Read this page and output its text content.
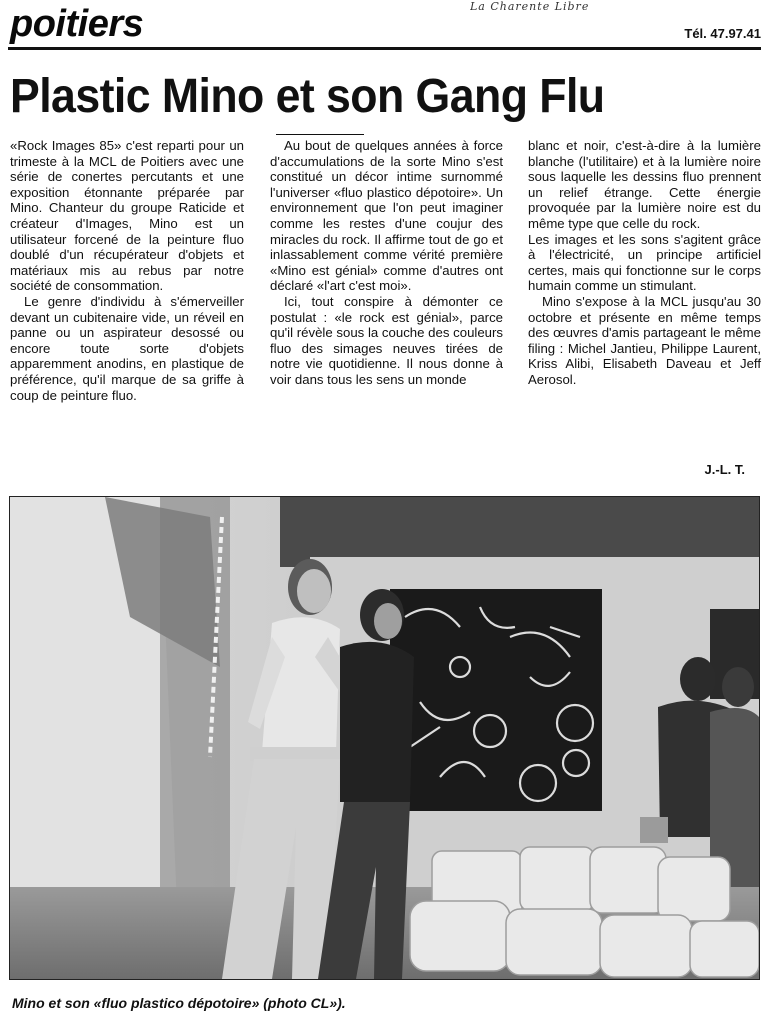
La Charente Libre
poitiers	Tél. 47.97.41
Plastic Mino et son Gang Flu

«Rock Images 85» c'est reparti pour un trimeste à la MCL de Poitiers avec une série de conertes percutants et une exposition étonnante préparée par Mino. Chanteur du groupe Raticide et créateur d'Images, Mino est un utilisateur forcené de la peinture fluo doublé d'un récupérateur d'objets et matériaux mis au rebus par notre société de consommation.

Le genre d'individu à s'émerveiller devant un cubitenaire vide, un réveil en panne ou un aspirateur desossé ou encore toute sorte d'objets apparemment anodins, en plastique de préférence, qu'il marque de sa griffe à coup de peinture fluo.

Au bout de quelques années à force d'accumulations de la sorte Mino s'est constitué un décor intime surnommé l'universer «fluo plastico dépotoire». Un environnement que l'on peut imaginer comme les restes d'une coujur des miracles du rock. Il affirme tout de go et inlassablement comme vérité première «Mino est génial» comme d'autres ont déclaré «l'art c'est moi».

Ici, tout conspire à démonter ce postulat : «le rock est génial», parce qu'il révèle sous la couche des couleurs fluo des simages neuves tirées de notre vie quotidienne. Il nous donne à voir dans tous les sens un monde

blanc et noir, c'est-à-dire à la lumière blanche (l'utilitaire) et à la lumière noire sous laquelle les dessins fluo prennent un relief étrange. Cette énergie provoquée par la lumière noire est du même type que celle du rock.

Les images et les sons s'agitent grâce à l'électricité, un principe artificiel certes, mais qui fonctionne sur le corps humain comme un stimulant.

Mino s'expose à la MCL jusqu'au 30 octobre et présente en même temps des œuvres d'amis partageant le même filing : Michel Jantieu, Philippe Laurent, Kriss Alibi, Elisabeth Daveau et Jeff Aerosol.

J.-L. T.
Mino et son «fluo plastico dépotoire» (photo CL»).
